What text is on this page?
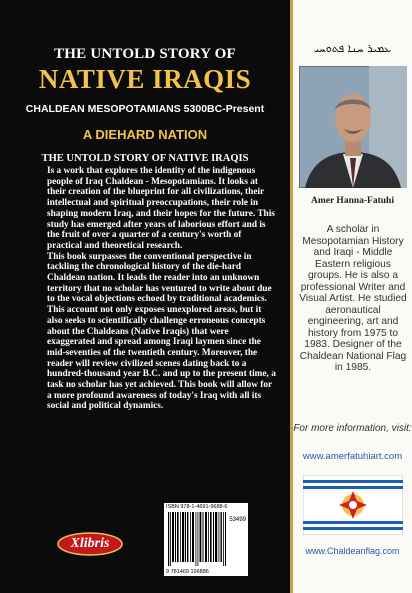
THE UNTOLD STORY OF
NATIVE IRAQIS
CHALDEAN MESOPOTAMIANS 5300BC-Present
A DIEHARD NATION
THE UNTOLD STORY OF NATIVE IRAQIS

Is a work that explores the identity of the indigenous people of Iraq Chaldean - Mesopotamians. It looks at their creation of the blueprint for all civilizations, their intellectual and spiritual preoccupations, their role in shaping modern Iraq, and their hopes for the future. This study has emerged after years of laborious effort and is the fruit of over a quarter of a century's worth of practical and theoretical research.

This book surpasses the conventional perspective in tackling the chronological history of the die-hard Chaldean nation. It leads the reader into an unknown territory that no scholar has ventured to write about due to the vocal objections echoed by traditional academics.

This account not only exposes unexplored areas, but it also seeks to scientifically challenge erroneous concepts about the Chaldeans (Native Iraqis) that were exaggerated and spread among Iraqi laymen since the mid-seventies of the twentieth century. Moreover, the reader will review civilized scenes dating back to a hundred-thousand year B.C. and up to the present time, a task no scholar has yet achieved. This book will allow for a more profound awareness of today's Iraq with all its social and political dynamics.

Xlibris
ISBN 978-1-4691-9688-6
53499
9 781469 196886
ܥܡܝܪ ܚܢܐ ܦܬܘܚܝ
Amer Hanna-Fatuhi
A scholar in Mesopotamian History and Iraqi - Middle Eastern religious groups. He is also a professional Writer and Visual Artist. He studied aeronautical engineering, art and history from 1975 to 1983. Designer of the Chaldean National Flag in 1985.
For more information, visit:
www.amerfatuhiart.com
www.Chaldeanflag.com
